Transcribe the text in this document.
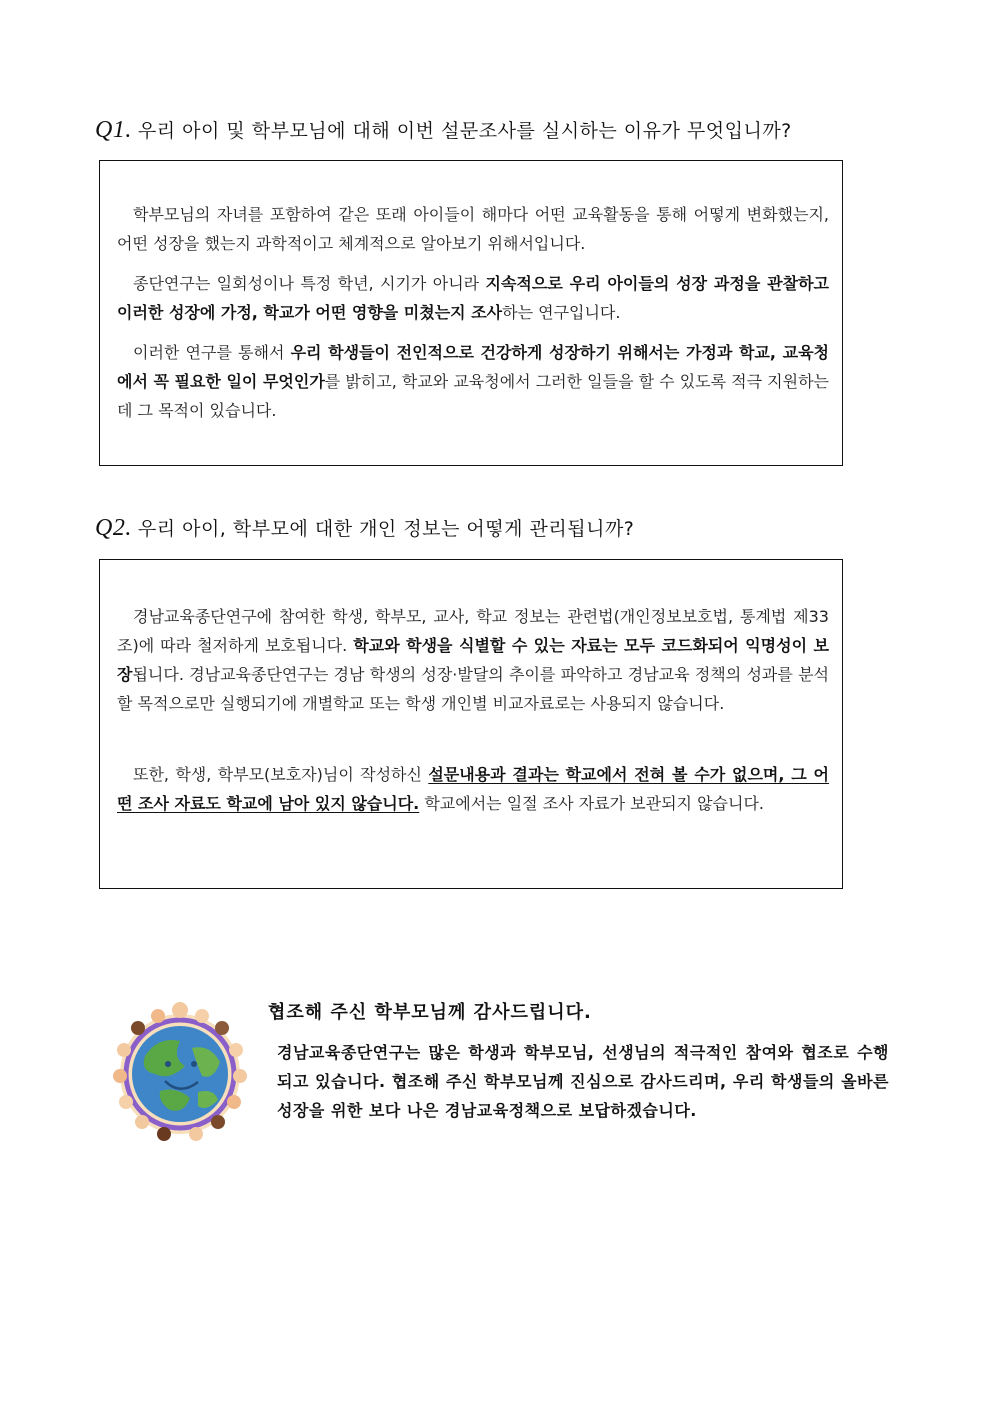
Q1. 우리 아이 및 학부모님에 대해 이번 설문조사를 실시하는 이유가 무엇입니까?
학부모님의 자녀를 포함하여 같은 또래 아이들이 해마다 어떤 교육활동을 통해 어떻게 변화했는지, 어떤 성장을 했는지 과학적이고 체계적으로 알아보기 위해서입니다.
종단연구는 일회성이나 특정 학년, 시기가 아니라 지속적으로 우리 아이들의 성장 과정을 관찰하고 이러한 성장에 가정, 학교가 어떤 영향을 미쳤는지 조사하는 연구입니다.
이러한 연구를 통해서 우리 학생들이 전인적으로 건강하게 성장하기 위해서는 가정과 학교, 교육청에서 꼭 필요한 일이 무엇인가를 밝히고, 학교와 교육청에서 그러한 일들을 할 수 있도록 적극 지원하는 데 그 목적이 있습니다.
Q2. 우리 아이, 학부모에 대한 개인 정보는 어떻게 관리됩니까?
경남교육종단연구에 참여한 학생, 학부모, 교사, 학교 정보는 관련법(개인정보보호법, 통계법 제33조)에 따라 철저하게 보호됩니다. 학교와 학생을 식별할 수 있는 자료는 모두 코드화되어 익명성이 보장됩니다. 경남교육종단연구는 경남 학생의 성장·발달의 추이를 파악하고 경남교육 정책의 성과를 분석할 목적으로만 실행되기에 개별학교 또는 학생 개인별 비교자료로는 사용되지 않습니다.
또한, 학생, 학부모(보호자)님이 작성하신 설문내용과 결과는 학교에서 전혀 볼 수가 없으며, 그 어떤 조사 자료도 학교에 남아 있지 않습니다. 학교에서는 일절 조사 자료가 보관되지 않습니다.
협조해 주신 학부모님께 감사드립니다.
경남교육종단연구는 많은 학생과 학부모님, 선생님의 적극적인 참여와 협조로 수행되고 있습니다. 협조해 주신 학부모님께 진심으로 감사드리며, 우리 학생들의 올바른 성장을 위한 보다 나은 경남교육정책으로 보답하겠습니다.
